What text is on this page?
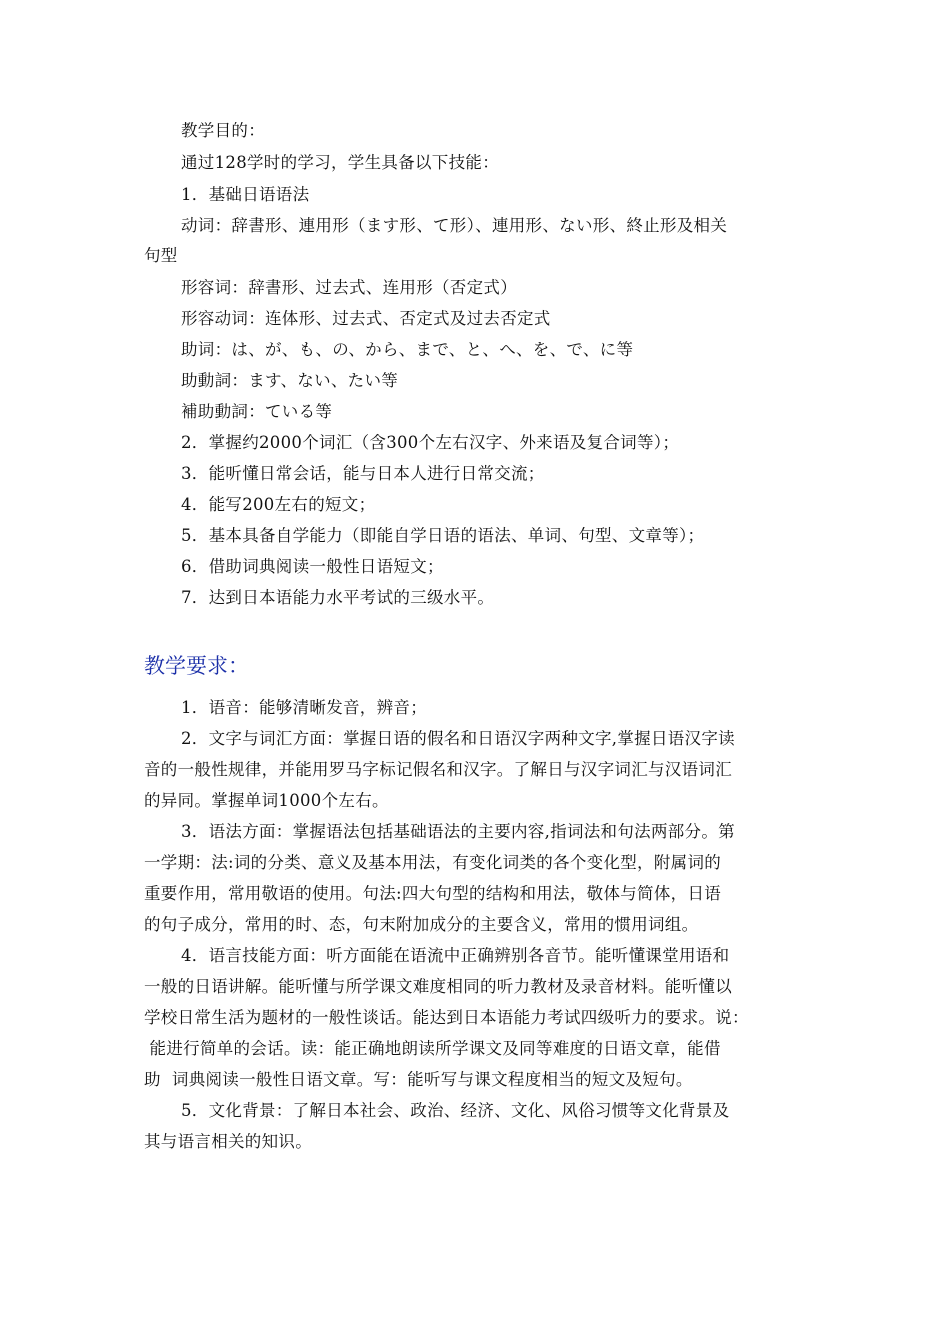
教学目的：
通过128学时的学习，学生具备以下技能：
1．基础日语语法
动词：辞書形、連用形（ます形、て形）、連用形、ない形、終止形及相关
句型
形容词：辞書形、过去式、连用形（否定式）
形容动词：连体形、过去式、否定式及过去否定式
助词：は、が、も、の、から、まで、と、へ、を、で、に等
助動詞：ます、ない、たい等
補助動詞：ている等
2．掌握约2000个词汇（含300个左右汉字、外来语及复合词等）；
3．能听懂日常会话，能与日本人进行日常交流；
4．能写200左右的短文；
5．基本具备自学能力（即能自学日语的语法、单词、句型、文章等）；
6．借助词典阅读一般性日语短文；
7．达到日本语能力水平考试的三级水平。
教学要求：
1．语音：能够清晰发音，辨音；
2．文字与词汇方面：掌握日语的假名和日语汉字两种文字,掌握日语汉字读
音的一般性规律，并能用罗马字标记假名和汉字。了解日与汉字词汇与汉语词汇
的异同。掌握单词1000个左右。
3．语法方面：掌握语法包括基础语法的主要内容,指词法和句法两部分。第
一学期：法:词的分类、意义及基本用法，有变化词类的各个变化型，附属词的
重要作用，常用敬语的使用。句法:四大句型的结构和用法，敬体与简体，日语
的句子成分，常用的时、态，句末附加成分的主要含义，常用的惯用词组。
4．语言技能方面：听方面能在语流中正确辨别各音节。能听懂课堂用语和
一般的日语讲解。能听懂与所学课文难度相同的听力教材及录音材料。能听懂以
学校日常生活为题材的一般性谈话。能达到日本语能力考试四级听力的要求。说：
能进行简单的会话。读：能正确地朗读所学课文及同等难度的日语文章，能借
助  词典阅读一般性日语文章。写：能听写与课文程度相当的短文及短句。
5．文化背景：了解日本社会、政治、经济、文化、风俗习惯等文化背景及
其与语言相关的知识。
